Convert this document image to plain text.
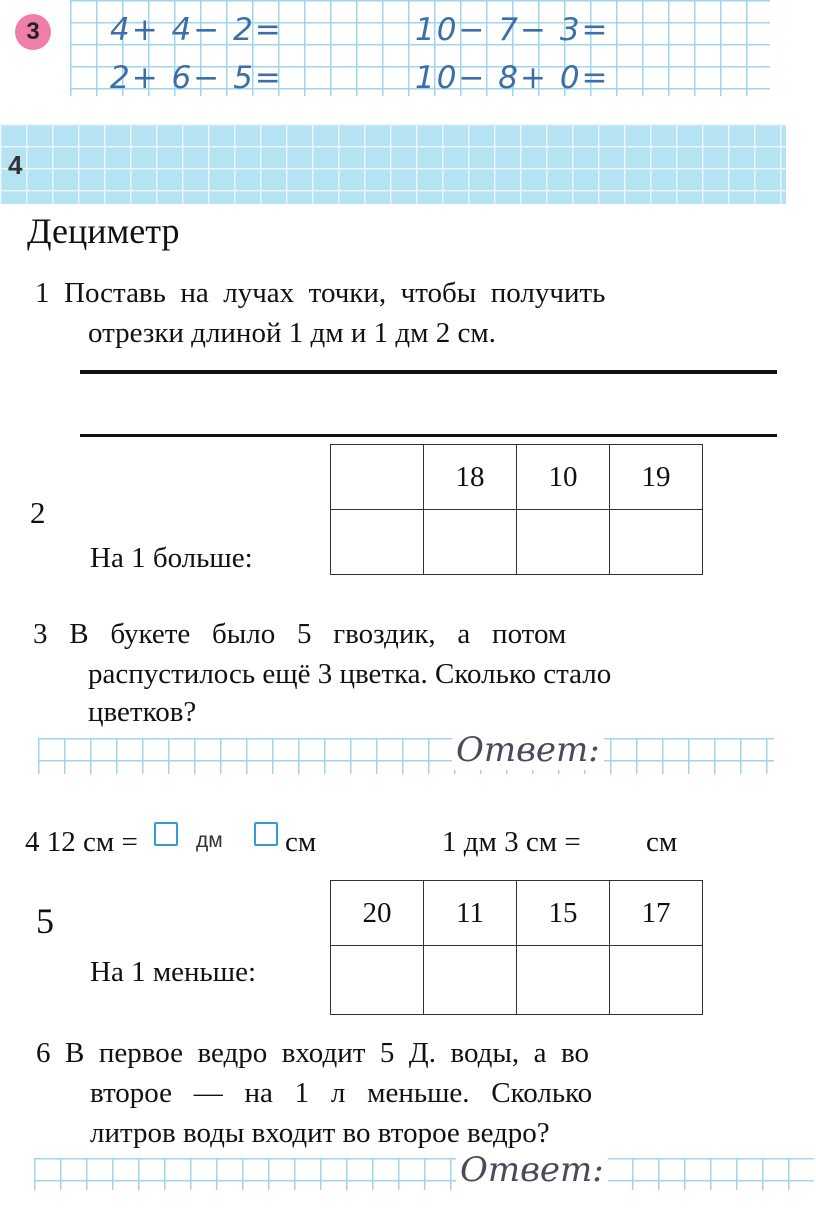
3	4+ 4− 2=	10− 7− 3=
2+ 6− 5=	10− 8+ 0=
4
Дециметр
1  Поставь  на  лучах  точки,  чтобы  получить
отрезки длиной 1 дм и 1 дм 2 см.
2
На 1 больше:
	18	10	19

3   В   букете   было   5   гвоздик,   а   потом
распустилось ещё 3 цветка. Сколько стало
цветков?
Ответ:
4 12 см =	дм см	1 дм 3 см = см
5
На 1 меньше:
20	11	15	17

6  В  первое  ведро  входит  5  Д.  воды,  а  во
второе   —   на   1   л   меньше.   Сколько
литров воды входит во второе ведро?
Ответ:
